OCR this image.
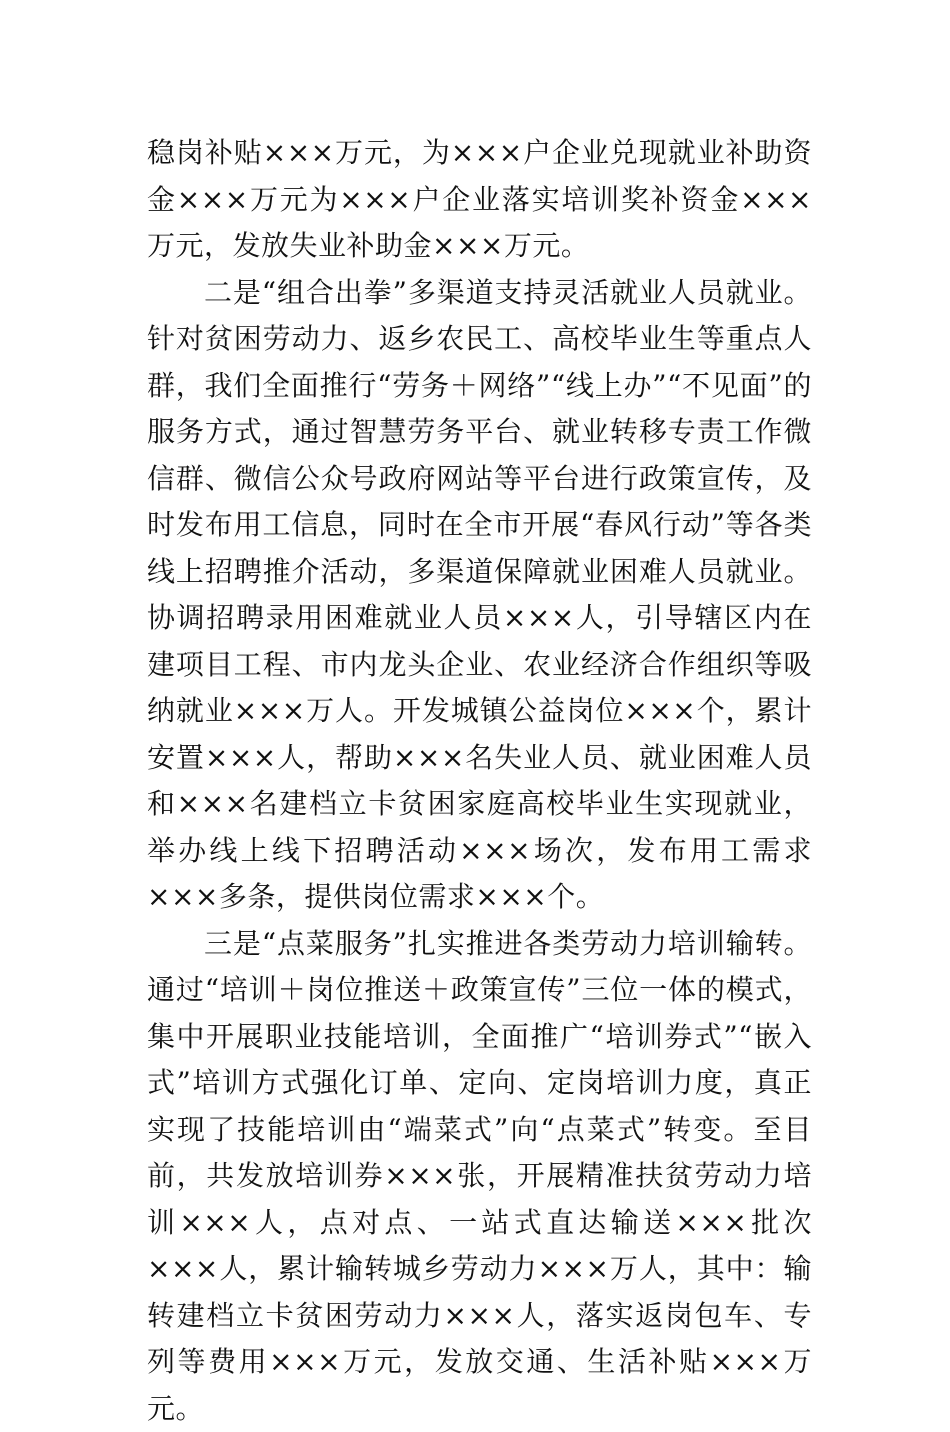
稳岗补贴×××万元，为×××户企业兑现就业补助资金×××万元为×××户企业落实培训奖补资金×××万元，发放失业补助金×××万元。

二是“组合出拳”多渠道支持灵活就业人员就业。针对贫困劳动力、返乡农民工、高校毕业生等重点人群，我们全面推行“劳务＋网络”“线上办”“不见面”的服务方式，通过智慧劳务平台、就业转移专责工作微信群、微信公众号政府网站等平台进行政策宣传，及时发布用工信息，同时在全市开展“春风行动”等各类线上招聘推介活动，多渠道保障就业困难人员就业。协调招聘录用困难就业人员×××人，引导辖区内在建项目工程、市内龙头企业、农业经济合作组织等吸纳就业×××万人。开发城镇公益岗位×××个，累计安置×××人，帮助×××名失业人员、就业困难人员和×××名建档立卡贫困家庭高校毕业生实现就业，举办线上线下招聘活动×××场次，发布用工需求×××多条，提供岗位需求×××个。

三是“点菜服务”扎实推进各类劳动力培训输转。通过“培训＋岗位推送＋政策宣传”三位一体的模式，集中开展职业技能培训，全面推广“培训券式”“嵌入式”培训方式强化订单、定向、定岗培训力度，真正实现了技能培训由“端菜式”向“点菜式”转变。至目前，共发放培训券×××张，开展精准扶贫劳动力培训×××人，点对点、一站式直达输送×××批次×××人，累计输转城乡劳动力×××万人，其中：输转建档立卡贫困劳动力×××人，落实返岗包车、专列等费用×××万元，发放交通、生活补贴×××万元。
